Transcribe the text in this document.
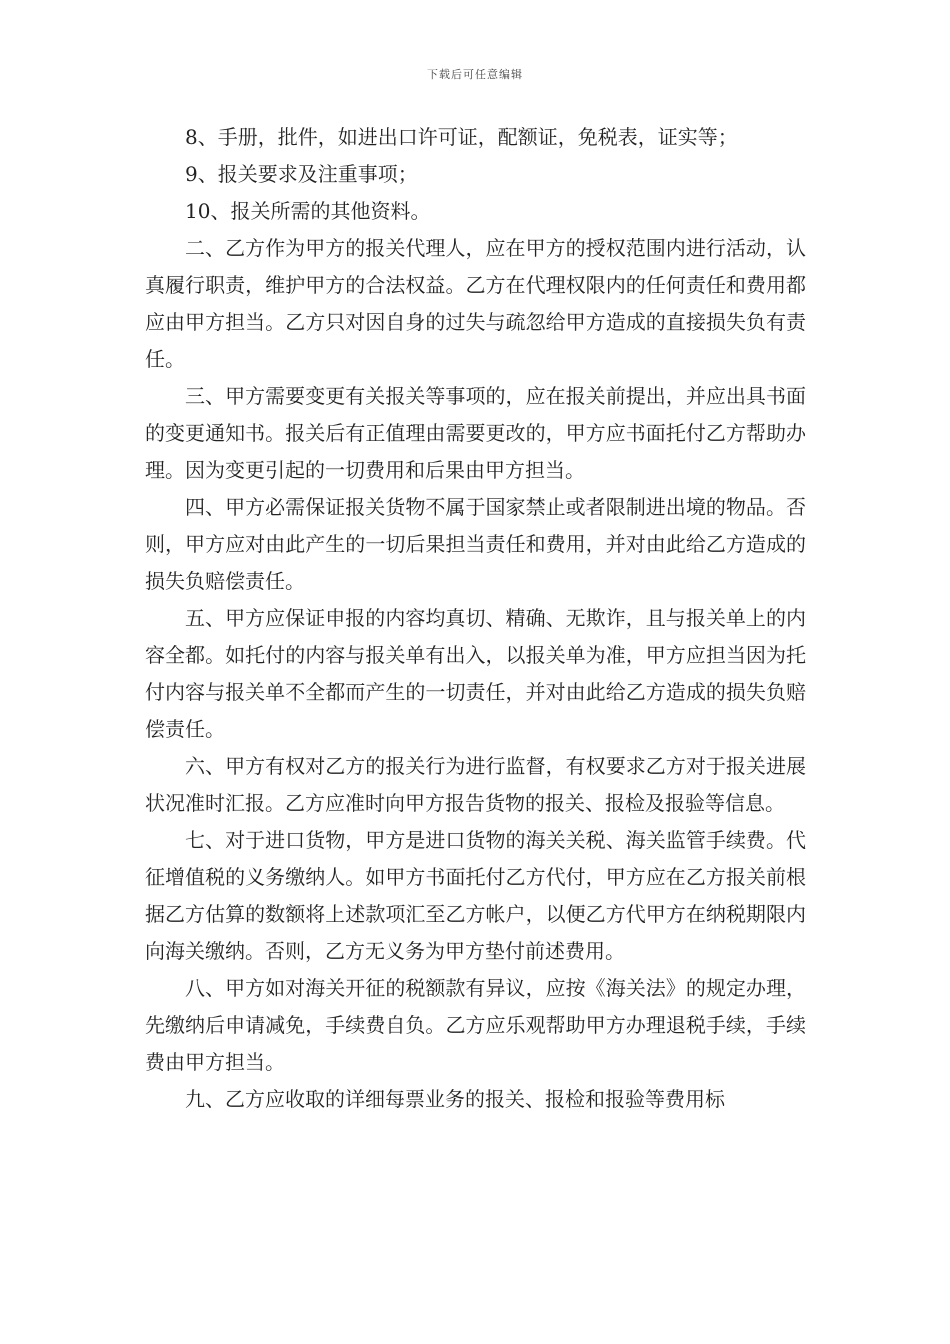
下载后可任意编辑

8、手册，批件，如进出口许可证，配额证，免税表，证实等；

9、报关要求及注重事项；

10、报关所需的其他资料。

二、乙方作为甲方的报关代理人，应在甲方的授权范围内进行活动，认真履行职责，维护甲方的合法权益。乙方在代理权限内的任何责任和费用都应由甲方担当。乙方只对因自身的过失与疏忽给甲方造成的直接损失负有责任。

三、甲方需要变更有关报关等事项的，应在报关前提出，并应出具书面的变更通知书。报关后有正值理由需要更改的，甲方应书面托付乙方帮助办理。因为变更引起的一切费用和后果由甲方担当。

四、甲方必需保证报关货物不属于国家禁止或者限制进出境的物品。否则，甲方应对由此产生的一切后果担当责任和费用，并对由此给乙方造成的损失负赔偿责任。

五、甲方应保证申报的内容均真切、精确、无欺诈，且与报关单上的内容全都。如托付的内容与报关单有出入，以报关单为准，甲方应担当因为托付内容与报关单不全都而产生的一切责任，并对由此给乙方造成的损失负赔偿责任。

六、甲方有权对乙方的报关行为进行监督，有权要求乙方对于报关进展状况准时汇报。乙方应准时向甲方报告货物的报关、报检及报验等信息。

七、对于进口货物，甲方是进口货物的海关关税、海关监管手续费。代征增值税的义务缴纳人。如甲方书面托付乙方代付，甲方应在乙方报关前根据乙方估算的数额将上述款项汇至乙方帐户，以便乙方代甲方在纳税期限内向海关缴纳。否则，乙方无义务为甲方垫付前述费用。

八、甲方如对海关开征的税额款有异议，应按《海关法》的规定办理，先缴纳后申请减免，手续费自负。乙方应乐观帮助甲方办理退税手续，手续费由甲方担当。

九、乙方应收取的详细每票业务的报关、报检和报验等费用标
